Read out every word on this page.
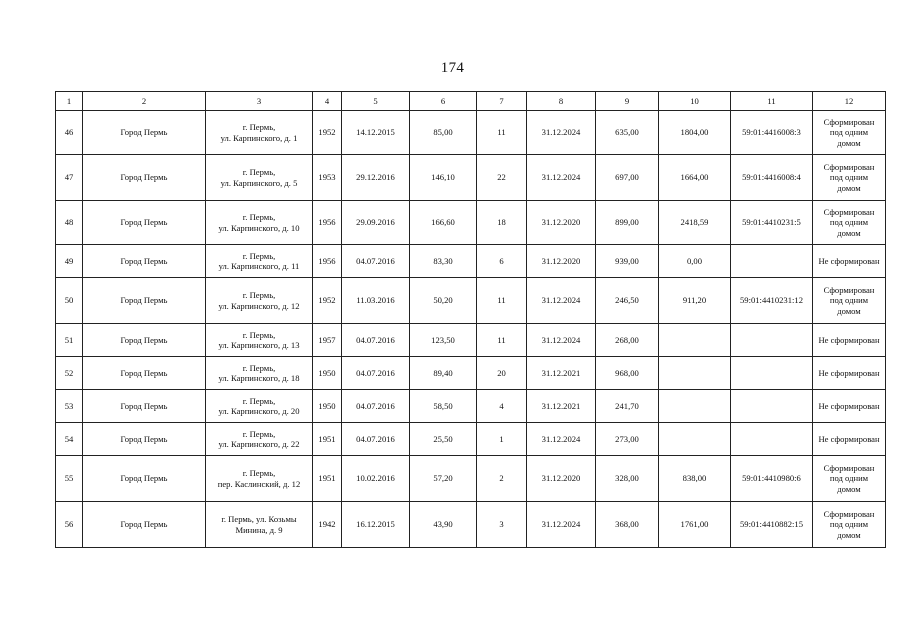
174
1	2	3	4	5	6	7	8	9	10	11	12

46	Город Пермь	г. Пермь,
ул. Карпинского, д. 1	1952	14.12.2015	85,00	11	31.12.2024	635,00	1804,00	59:01:4416008:3	Сформирован
под одним
домом

47	Город Пермь	г. Пермь,
ул. Карпинского, д. 5	1953	29.12.2016	146,10	22	31.12.2024	697,00	1664,00	59:01:4416008:4	Сформирован
под одним
домом

48	Город Пермь	г. Пермь,
ул. Карпинского, д. 10	1956	29.09.2016	166,60	18	31.12.2020	899,00	2418,59	59:01:4410231:5	Сформирован
под одним
домом

49	Город Пермь	г. Пермь,
ул. Карпинского, д. 11	1956	04.07.2016	83,30	6	31.12.2020	939,00	0,00		Не сформирован

50	Город Пермь	г. Пермь,
ул. Карпинского, д. 12	1952	11.03.2016	50,20	11	31.12.2024	246,50	911,20	59:01:4410231:12	Сформирован
под одним
домом

51	Город Пермь	г. Пермь,
ул. Карпинского, д. 13	1957	04.07.2016	123,50	11	31.12.2024	268,00			Не сформирован

52	Город Пермь	г. Пермь,
ул. Карпинского, д. 18	1950	04.07.2016	89,40	20	31.12.2021	968,00			Не сформирован

53	Город Пермь	г. Пермь,
ул. Карпинского, д. 20	1950	04.07.2016	58,50	4	31.12.2021	241,70			Не сформирован

54	Город Пермь	г. Пермь,
ул. Карпинского, д. 22	1951	04.07.2016	25,50	1	31.12.2024	273,00			Не сформирован

55	Город Пермь	г. Пермь,
пер. Каслинский, д. 12	1951	10.02.2016	57,20	2	31.12.2020	328,00	838,00	59:01:4410980:6	Сформирован
под одним
домом

56	Город Пермь	г. Пермь, ул. Козьмы
Минина, д. 9	1942	16.12.2015	43,90	3	31.12.2024	368,00	1761,00	59:01:4410882:15	Сформирован
под одним
домом
